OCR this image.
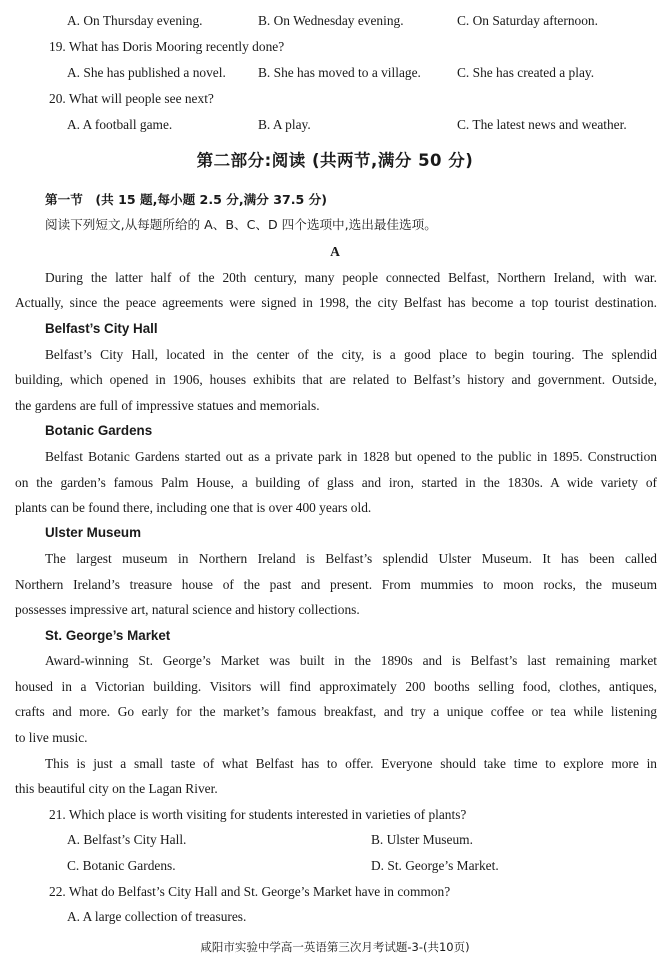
A. On Thursday evening.	B. On Wednesday evening.	C. On Saturday afternoon.
19. What has Doris Mooring recently done?
A. She has published a novel. B. She has moved to a village.	C. She has created a play.
20. What will people see next?
A. A football game.	B. A play.	C. The latest news and weather.
第二部分:阅读 (共两节,满分 50 分)
第一节　(共 15 题,每小题 2.5 分,满分 37.5 分)
阅读下列短文,从每题所给的 A、B、C、D 四个选项中,选出最佳选项。
A
During the latter half of the 20th century, many people connected Belfast, Northern Ireland, with war.
Actually, since the peace agreements were signed in 1998, the city Belfast has become a top tourist destination.
Belfast’s City Hall
Belfast’s City Hall, located in the center of the city, is a good place to begin touring. The splendid
building, which opened in 1906, houses exhibits that are related to Belfast’s history and government. Outside,
the gardens are full of impressive statues and memorials.
Botanic Gardens
Belfast Botanic Gardens started out as a private park in 1828 but opened to the public in 1895. Construction
on the garden’s famous Palm House, a building of glass and iron, started in the 1830s. A wide variety of
plants can be found there, including one that is over 400 years old.
Ulster Museum
The largest museum in Northern Ireland is Belfast’s splendid Ulster Museum. It has been called
Northern Ireland’s treasure house of the past and present. From mummies to moon rocks, the museum
possesses impressive art, natural science and history collections.
St. George’s Market
Award-winning St. George’s Market was built in the 1890s and is Belfast’s last remaining market
housed in a Victorian building. Visitors will find approximately 200 booths selling food, clothes, antiques,
crafts and more. Go early for the market’s famous breakfast, and try a unique coffee or tea while listening
to live music.
This is just a small taste of what Belfast has to offer. Everyone should take time to explore more in
this beautiful city on the Lagan River.
21. Which place is worth visiting for students interested in varieties of plants?
A. Belfast’s City Hall.	B. Ulster Museum.
C. Botanic Gardens.	D. St. George’s Market.
22. What do Belfast’s City Hall and St. George’s Market have in common?
A. A large collection of treasures.
咸阳市实验中学高一英语第三次月考试题-3-(共10页)
